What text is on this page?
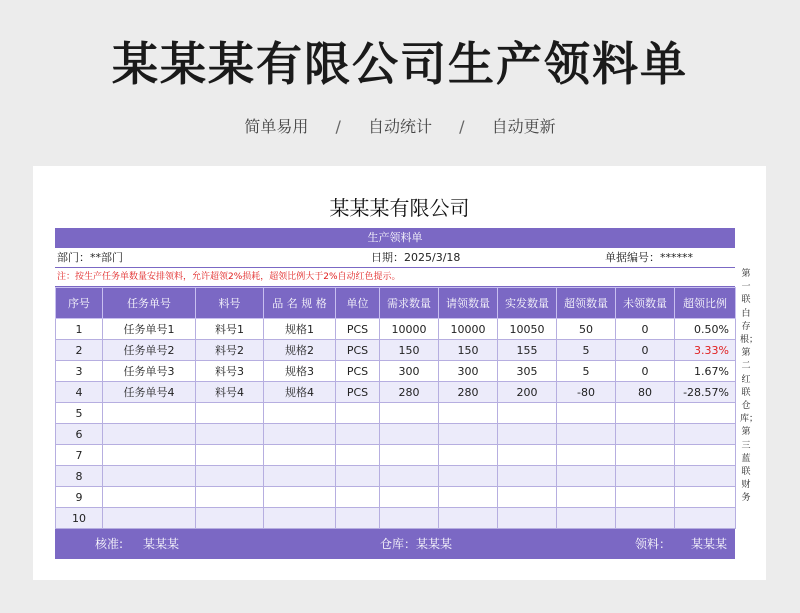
某某某有限公司生产领料单
简单易用 / 自动统计 / 自动更新
某某某有限公司
生产领料单
部门：**部门	日期：2025/3/18	单据编号：******
注：按生产任务单数量安排领料，允许超领2%损耗，超领比例大于2%自动红色提示。
序号	任务单号	料号	品 名 规 格	单位	需求数量	请领数量	实发数量	超领数量	未领数量	超领比例
1	任务单号1	料号1	规格1	PCS	10000	10000	10050	50	0	0.50%
2	任务单号2	料号2	规格2	PCS	150	150	155	5	0	3.33%
3	任务单号3	料号3	规格3	PCS	300	300	305	5	0	1.67%
4	任务单号4	料号4	规格4	PCS	280	280	200	-80	80	-28.57%
5										
6										
7										
8										
9										
10										
核准: 某某某	仓库：某某某	领料： 某某某
第一联白存根；第二红联仓库；第三蓝联财务
